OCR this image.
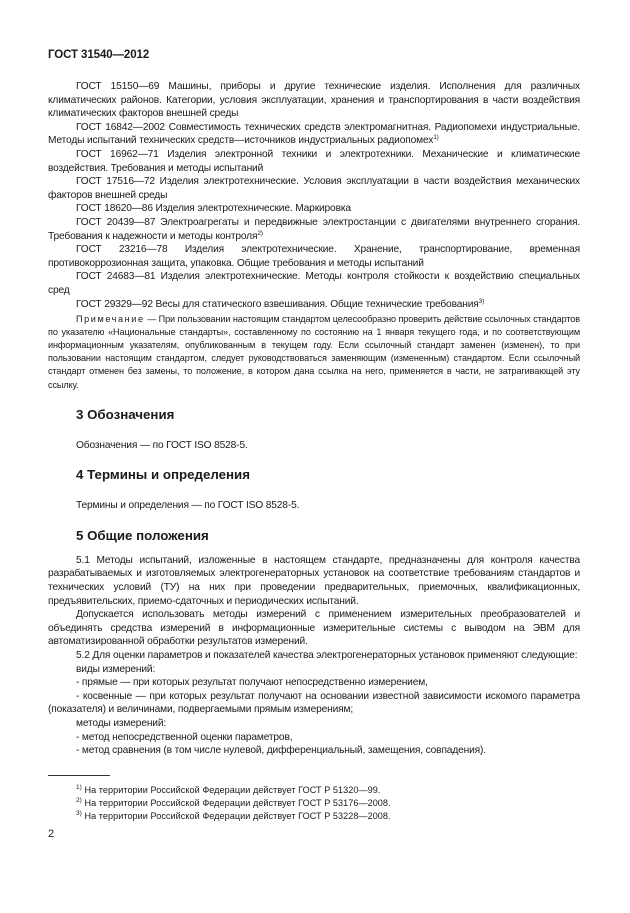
ГОСТ 31540—2012

ГОСТ 15150—69 Машины, приборы и другие технические изделия. Исполнения для различных климатических районов. Категории, условия эксплуатации, хранения и транспортирования в части воздействия климатических факторов внешней среды

ГОСТ 16842—2002 Совместимость технических средств электромагнитная. Радиопомехи индустриальные. Методы испытаний технических средств—источников индустриальных радиопомех$^{1)}$

ГОСТ 16962—71 Изделия электронной техники и электротехники. Механические и климатические воздействия. Требования и методы испытаний

ГОСТ 17516—72 Изделия электротехнические. Условия эксплуатации в части воздействия механических факторов внешней среды

ГОСТ 18620—86 Изделия электротехнические. Маркировка

ГОСТ 20439—87 Электроагрегаты и передвижные электростанции с двигателями внутреннего сгорания. Требования к надежности и методы контроля$^{2)}$

ГОСТ 23216—78 Изделия электротехнические. Хранение, транспортирование, временная противокоррозионная защита, упаковка. Общие требования и методы испытаний

ГОСТ 24683—81 Изделия электротехнические. Методы контроля стойкости к воздействию специальных сред

ГОСТ 29329—92 Весы для статического взвешивания. Общие технические требования$^{3)}$

Примечание — При пользовании настоящим стандартом целесообразно проверить действие ссылочных стандартов по указателю «Национальные стандарты», составленному по состоянию на 1 января текущего года, и по соответствующим информационным указателям, опубликованным в текущем году. Если ссылочный стандарт заменен (изменен), то при пользовании настоящим стандартом, следует руководствоваться заменяющим (измененным) стандартом. Если ссылочный стандарт отменен без замены, то положение, в котором дана ссылка на него, применяется в части, не затрагивающей эту ссылку.

3 Обозначения

Обозначения — по ГОСТ ISO 8528-5.

4 Термины и определения

Термины и определения — по ГОСТ ISO 8528-5.

5 Общие положения

5.1 Методы испытаний, изложенные в настоящем стандарте, предназначены для контроля качества разрабатываемых и изготовляемых электрогенераторных установок на соответствие требованиям стандартов и технических условий (ТУ) на них при проведении предварительных, приемочных, квалификационных, предъявительских, приемо-сдаточных и периодических испытаний.

Допускается использовать методы измерений с применением измерительных преобразователей и объединять средства измерений в информационные измерительные системы с выводом на ЭВМ для автоматизированной обработки результатов измерений.

5.2 Для оценки параметров и показателей качества электрогенераторных установок применяют следующие:

виды измерений:

- прямые — при которых результат получают непосредственно измерением,

- косвенные — при которых результат получают на основании известной зависимости искомого параметра (показателя) и величинами, подвергаемыми прямым измерениям;

методы измерений:

- метод непосредственной оценки параметров,

- метод сравнения (в том числе нулевой, дифференциальный, замещения, совпадения).

$^{1)}$ На территории Российской Федерации действует ГОСТ Р 51320—99.

$^{2)}$ На территории Российской Федерации действует ГОСТ Р 53176—2008.

$^{3)}$ На территории Российской Федерации действует ГОСТ Р 53228—2008.

2
